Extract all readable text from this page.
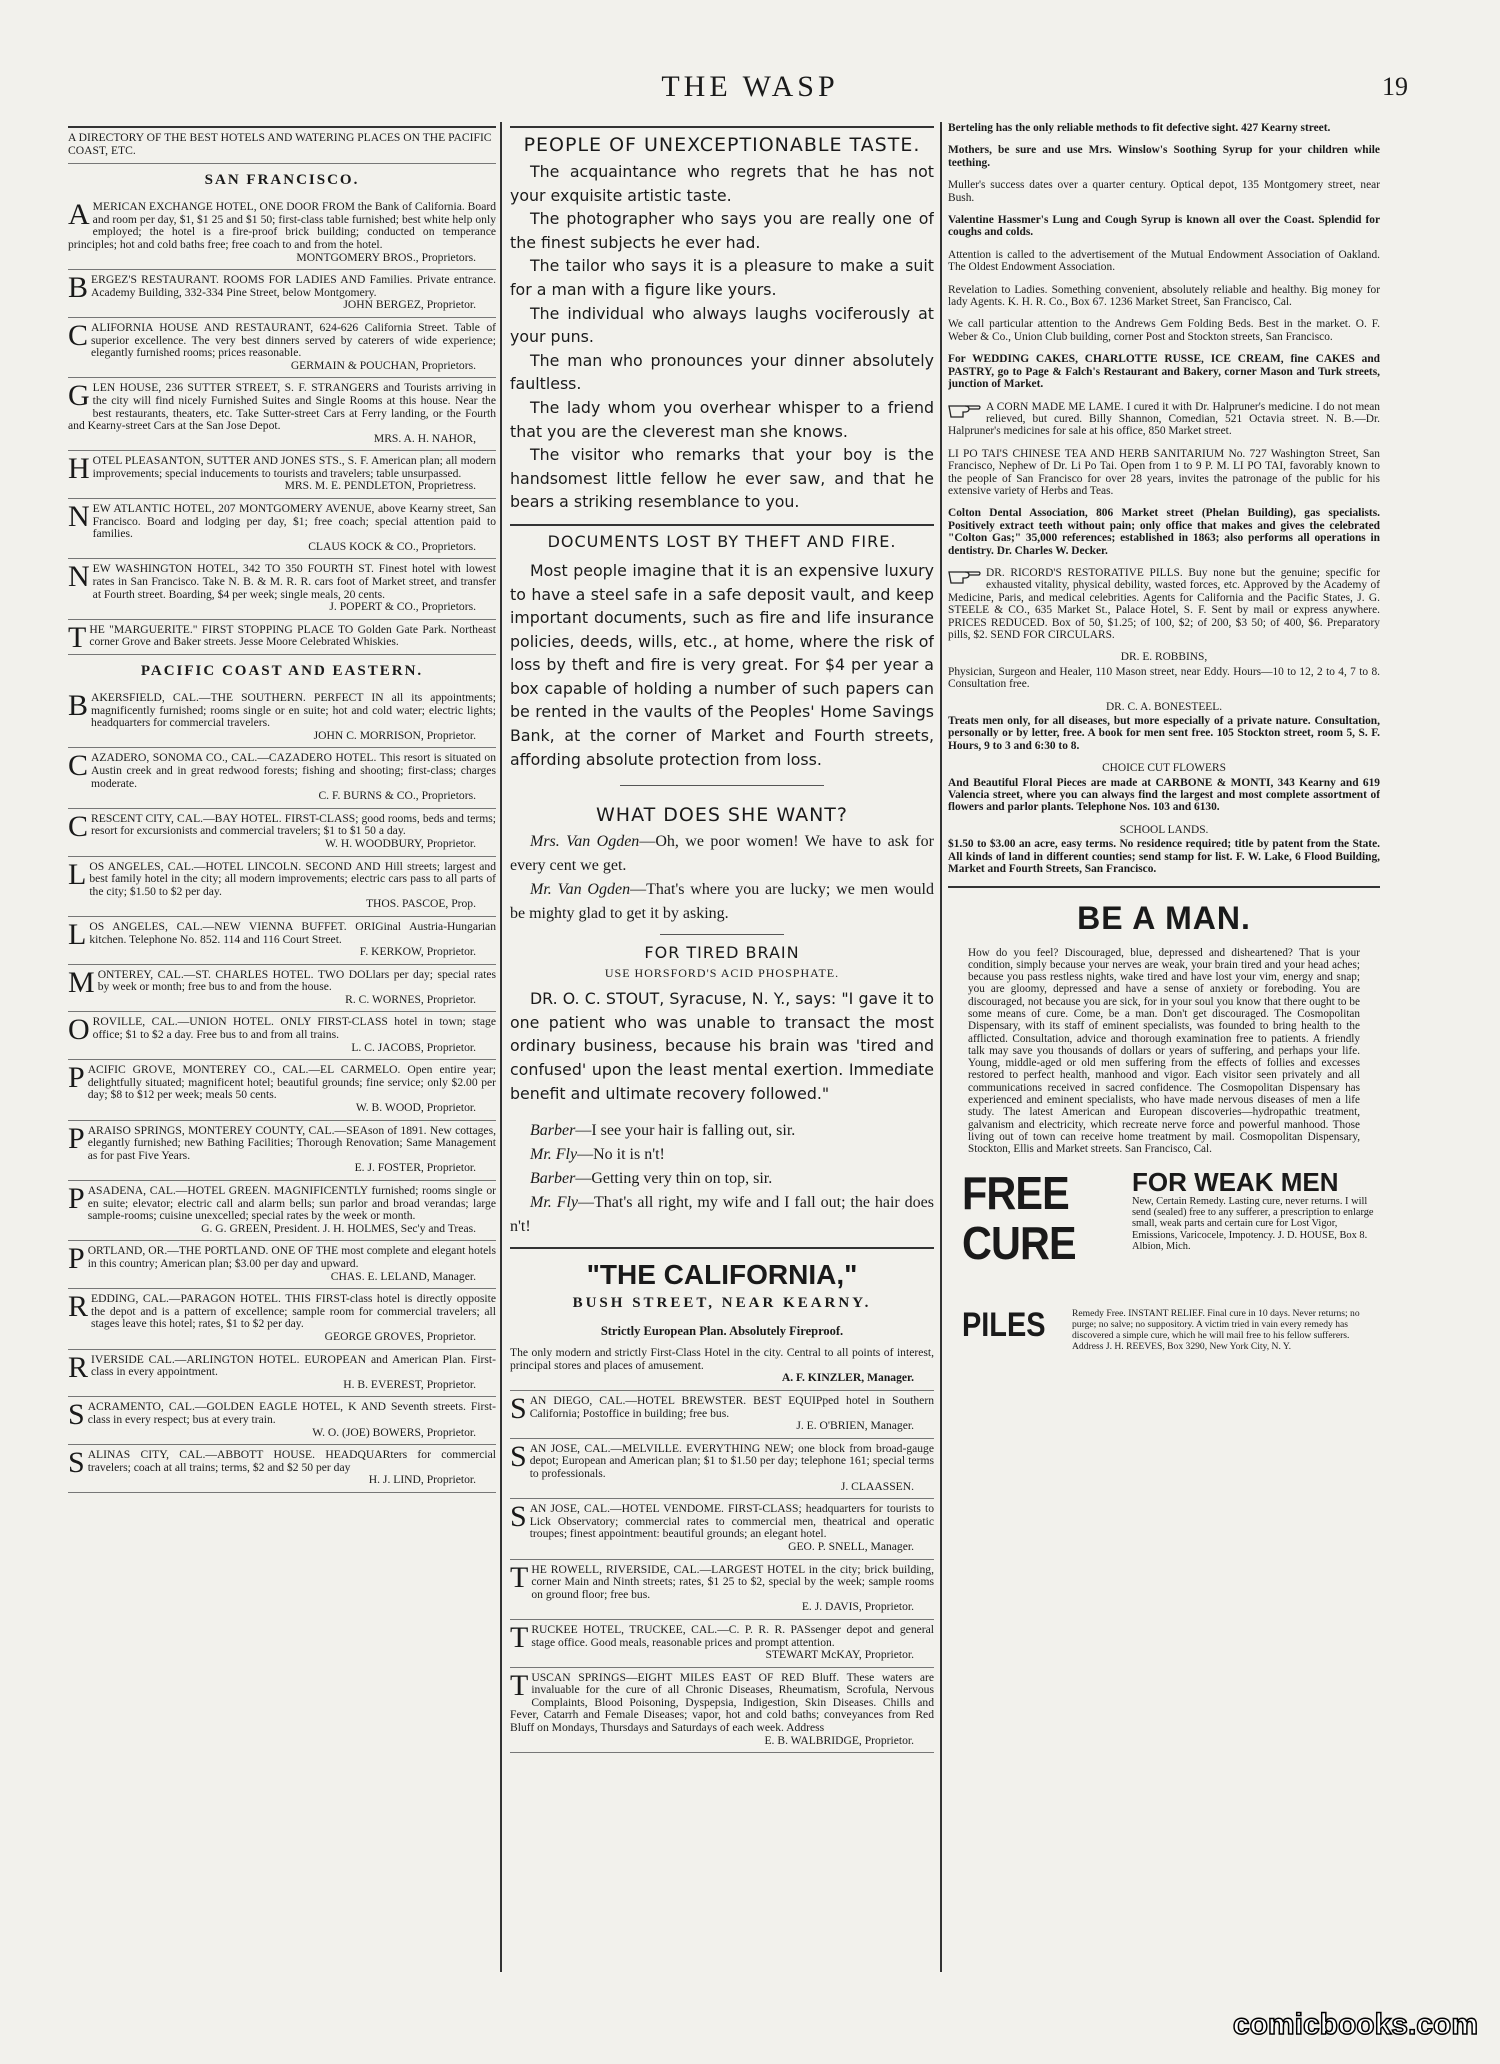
THE WASP	19
A DIRECTORY OF THE BEST HOTELS AND WATERING PLACES ON THE PACIFIC COAST, ETC.
SAN FRANCISCO.
AMERICAN EXCHANGE HOTEL, ONE DOOR FROM the Bank of California. Board and room per day, $1, $1 25 and $1 50; first-class table furnished; best white help only employed; the hotel is a fire-proof brick building; conducted on temperance principles; hot and cold baths free; free coach to and from the hotel.
MONTGOMERY BROS., Proprietors.
BERGEZ'S RESTAURANT. ROOMS FOR LADIES AND Families. Private entrance. Academy Building, 332-334 Pine Street, below Montgomery.
JOHN BERGEZ, Proprietor.
CALIFORNIA HOUSE AND RESTAURANT, 624-626 California Street. Table of superior excellence. The very best dinners served by caterers of wide experience; elegantly furnished rooms; prices reasonable.
GERMAIN & POUCHAN, Proprietors.
GLEN HOUSE, 236 SUTTER STREET, S. F. STRANGERS and Tourists arriving in the city will find nicely Furnished Suites and Single Rooms at this house. Near the best restaurants, theaters, etc. Take Sutter-street Cars at Ferry landing, or the Fourth and Kearny-street Cars at the San Jose Depot.
MRS. A. H. NAHOR,
HOTEL PLEASANTON, SUTTER AND JONES STS., S. F. American plan; all modern improvements; special inducements to tourists and travelers; table unsurpassed.
MRS. M. E. PENDLETON, Proprietress.
NEW ATLANTIC HOTEL, 207 MONTGOMERY AVENUE, above Kearny street, San Francisco. Board and lodging per day, $1; free coach; special attention paid to families.
CLAUS KOCK & CO., Proprietors.
NEW WASHINGTON HOTEL, 342 TO 350 FOURTH ST. Finest hotel with lowest rates in San Francisco. Take N. B. & M. R. R. cars foot of Market street, and transfer at Fourth street. Boarding, $4 per week; single meals, 20 cents.
J. POPERT & CO., Proprietors.
THE "MARGUERITE." FIRST STOPPING PLACE TO Golden Gate Park. Northeast corner Grove and Baker streets. Jesse Moore Celebrated Whiskies.
PACIFIC COAST AND EASTERN.
BAKERSFIELD, CAL.—THE SOUTHERN. PERFECT IN all its appointments; magnificently furnished; rooms single or en suite; hot and cold water; electric lights; headquarters for commercial travelers.
JOHN C. MORRISON, Proprietor.
CAZADERO, SONOMA CO., CAL.—CAZADERO HOTEL. This resort is situated on Austin creek and in great redwood forests; fishing and shooting; first-class; charges moderate.
C. F. BURNS & CO., Proprietors.
CRESCENT CITY, CAL.—BAY HOTEL. FIRST-CLASS; good rooms, beds and terms; resort for excursionists and commercial travelers; $1 to $1 50 a day.
W. H. WOODBURY, Proprietor.
LOS ANGELES, CAL.—HOTEL LINCOLN. SECOND AND Hill streets; largest and best family hotel in the city; all modern improvements; electric cars pass to all parts of the city; $1.50 to $2 per day.
THOS. PASCOE, Prop.
LOS ANGELES, CAL.—NEW VIENNA BUFFET. ORIGinal Austria-Hungarian kitchen. Telephone No. 852. 114 and 116 Court Street.
F. KERKOW, Proprietor.
MONTEREY, CAL.—ST. CHARLES HOTEL. TWO DOLlars per day; special rates by week or month; free bus to and from the house.
R. C. WORNES, Proprietor.
OROVILLE, CAL.—UNION HOTEL. ONLY FIRST-CLASS hotel in town; stage office; $1 to $2 a day. Free bus to and from all trains.
L. C. JACOBS, Proprietor.
PACIFIC GROVE, MONTEREY CO., CAL.—EL CARMELO. Open entire year; delightfully situated; magnificent hotel; beautiful grounds; fine service; only $2.00 per day; $8 to $12 per week; meals 50 cents.
W. B. WOOD, Proprietor.
PARAISO SPRINGS, MONTEREY COUNTY, CAL.—SEAson of 1891. New cottages, elegantly furnished; new Bathing Facilities; Thorough Renovation; Same Management as for past Five Years.
E. J. FOSTER, Proprietor.
PASADENA, CAL.—HOTEL GREEN. MAGNIFICENTLY furnished; rooms single or en suite; elevator; electric call and alarm bells; sun parlor and broad verandas; large sample-rooms; cuisine unexcelled; special rates by the week or month.
G. G. GREEN, President. J. H. HOLMES, Sec'y and Treas.
PORTLAND, OR.—THE PORTLAND. ONE OF THE most complete and elegant hotels in this country; American plan; $3.00 per day and upward.
CHAS. E. LELAND, Manager.
REDDING, CAL.—PARAGON HOTEL. THIS FIRST-class hotel is directly opposite the depot and is a pattern of excellence; sample room for commercial travelers; all stages leave this hotel; rates, $1 to $2 per day.
GEORGE GROVES, Proprietor.
RIVERSIDE CAL.—ARLINGTON HOTEL. EUROPEAN and American Plan. First-class in every appointment.
H. B. EVEREST, Proprietor.
SACRAMENTO, CAL.—GOLDEN EAGLE HOTEL, K AND Seventh streets. First-class in every respect; bus at every train.
W. O. (JOE) BOWERS, Proprietor.
SALINAS CITY, CAL.—ABBOTT HOUSE. HEADQUARters for commercial travelers; coach at all trains; terms, $2 and $2 50 per day
H. J. LIND, Proprietor.
PEOPLE OF UNEXCEPTIONABLE TASTE.

The acquaintance who regrets that he has not your exquisite artistic taste.

The photographer who says you are really one of the finest subjects he ever had.

The tailor who says it is a pleasure to make a suit for a man with a figure like yours.

The individual who always laughs vociferously at your puns.

The man who pronounces your dinner absolutely faultless.

The lady whom you overhear whisper to a friend that you are the cleverest man she knows.

The visitor who remarks that your boy is the handsomest little fellow he ever saw, and that he bears a striking resemblance to you.

DOCUMENTS LOST BY THEFT AND FIRE.

Most people imagine that it is an expensive luxury to have a steel safe in a safe deposit vault, and keep important documents, such as fire and life insurance policies, deeds, wills, etc., at home, where the risk of loss by theft and fire is very great. For $4 per year a box capable of holding a number of such papers can be rented in the vaults of the Peoples' Home Savings Bank, at the corner of Market and Fourth streets, affording absolute protection from loss.

WHAT DOES SHE WANT?

Mrs. Van Ogden—Oh, we poor women! We have to ask for every cent we get.

Mr. Van Ogden—That's where you are lucky; we men would be mighty glad to get it by asking.

FOR TIRED BRAIN
USE HORSFORD'S ACID PHOSPHATE.

DR. O. C. STOUT, Syracuse, N. Y., says: "I gave it to one patient who was unable to transact the most ordinary business, because his brain was 'tired and confused' upon the least mental exertion. Immediate benefit and ultimate recovery followed."

Barber—I see your hair is falling out, sir.

Mr. Fly—No it is n't!

Barber—Getting very thin on top, sir.

Mr. Fly—That's all right, my wife and I fall out; the hair does n't!

"THE CALIFORNIA,"
BUSH STREET, NEAR KEARNY.
Strictly European Plan. Absolutely Fireproof.
The only modern and strictly First-Class Hotel in the city. Central to all points of interest, principal stores and places of amusement.
A. F. KINZLER, Manager.
SAN DIEGO, CAL.—HOTEL BREWSTER. BEST EQUIPped hotel in Southern California; Postoffice in building; free bus.
J. E. O'BRIEN, Manager.
SAN JOSE, CAL.—MELVILLE. EVERYTHING NEW; one block from broad-gauge depot; European and American plan; $1 to $1.50 per day; telephone 161; special terms to professionals.
J. CLAASSEN.
SAN JOSE, CAL.—HOTEL VENDOME. FIRST-CLASS; headquarters for tourists to Lick Observatory; commercial rates to commercial men, theatrical and operatic troupes; finest appointment: beautiful grounds; an elegant hotel.
GEO. P. SNELL, Manager.
THE ROWELL, RIVERSIDE, CAL.—LARGEST HOTEL in the city; brick building, corner Main and Ninth streets; rates, $1 25 to $2, special by the week; sample rooms on ground floor; free bus.
E. J. DAVIS, Proprietor.
TRUCKEE HOTEL, TRUCKEE, CAL.—C. P. R. R. PASsenger depot and general stage office. Good meals, reasonable prices and prompt attention.
STEWART McKAY, Proprietor.
TUSCAN SPRINGS—EIGHT MILES EAST OF RED Bluff. These waters are invaluable for the cure of all Chronic Diseases, Rheumatism, Scrofula, Nervous Complaints, Blood Poisoning, Dyspepsia, Indigestion, Skin Diseases. Chills and Fever, Catarrh and Female Diseases; vapor, hot and cold baths; conveyances from Red Bluff on Mondays, Thursdays and Saturdays of each week. Address
E. B. WALBRIDGE, Proprietor.
Berteling has the only reliable methods to fit defective sight. 427 Kearny street.
Mothers, be sure and use Mrs. Winslow's Soothing Syrup for your children while teething.
Muller's success dates over a quarter century. Optical depot, 135 Montgomery street, near Bush.
Valentine Hassmer's Lung and Cough Syrup is known all over the Coast. Splendid for coughs and colds.
Attention is called to the advertisement of the Mutual Endowment Association of Oakland. The Oldest Endowment Association.
Revelation to Ladies. Something convenient, absolutely reliable and healthy. Big money for lady Agents. K. H. R. Co., Box 67. 1236 Market Street, San Francisco, Cal.
We call particular attention to the Andrews Gem Folding Beds. Best in the market. O. F. Weber & Co., Union Club building, corner Post and Stockton streets, San Francisco.
For WEDDING CAKES, CHARLOTTE RUSSE, ICE CREAM, fine CAKES and PASTRY, go to Page & Falch's Restaurant and Bakery, corner Mason and Turk streets, junction of Market.
A CORN MADE ME LAME. I cured it with Dr. Halpruner's medicine. I do not mean relieved, but cured. Billy Shannon, Comedian, 521 Octavia street. N. B.—Dr. Halpruner's medicines for sale at his office, 850 Market street.
LI PO TAI'S CHINESE TEA AND HERB SANITARIUM No. 727 Washington Street, San Francisco, Nephew of Dr. Li Po Tai. Open from 1 to 9 P. M. LI PO TAI, favorably known to the people of San Francisco for over 28 years, invites the patronage of the public for his extensive variety of Herbs and Teas.
Colton Dental Association, 806 Market street (Phelan Building), gas specialists. Positively extract teeth without pain; only office that makes and gives the celebrated "Colton Gas;" 35,000 references; established in 1863; also performs all operations in dentistry. Dr. Charles W. Decker.
DR. RICORD'S RESTORATIVE PILLS. Buy none but the genuine; specific for exhausted vitality, physical debility, wasted forces, etc. Approved by the Academy of Medicine, Paris, and medical celebrities. Agents for California and the Pacific States, J. G. STEELE & CO., 635 Market St., Palace Hotel, S. F. Sent by mail or express anywhere. PRICES REDUCED. Box of 50, $1.25; of 100, $2; of 200, $3 50; of 400, $6. Preparatory pills, $2. SEND FOR CIRCULARS.
DR. E. ROBBINS,
Physician, Surgeon and Healer, 110 Mason street, near Eddy. Hours—10 to 12, 2 to 4, 7 to 8. Consultation free.
DR. C. A. BONESTEEL.
Treats men only, for all diseases, but more especially of a private nature. Consultation, personally or by letter, free. A book for men sent free. 105 Stockton street, room 5, S. F. Hours, 9 to 3 and 6:30 to 8.
CHOICE CUT FLOWERS
And Beautiful Floral Pieces are made at CARBONE & MONTI, 343 Kearny and 619 Valencia street, where you can always find the largest and most complete assortment of flowers and parlor plants. Telephone Nos. 103 and 6130.
SCHOOL LANDS.
$1.50 to $3.00 an acre, easy terms. No residence required; title by patent from the State. All kinds of land in different counties; send stamp for list. F. W. Lake, 6 Flood Building, Market and Fourth Streets, San Francisco.
BE A MAN.
How do you feel? Discouraged, blue, depressed and disheartened? That is your condition, simply because your nerves are weak, your brain tired and your head aches; because you pass restless nights, wake tired and have lost your vim, energy and snap; you are gloomy, depressed and have a sense of anxiety or foreboding. You are discouraged, not because you are sick, for in your soul you know that there ought to be some means of cure. Come, be a man. Don't get discouraged. The Cosmopolitan Dispensary, with its staff of eminent specialists, was founded to bring health to the afflicted. Consultation, advice and thorough examination free to patients. A friendly talk may save you thousands of dollars or years of suffering, and perhaps your life. Young, middle-aged or old men suffering from the effects of follies and excesses restored to perfect health, manhood and vigor. Each visitor seen privately and all communications received in sacred confidence. The Cosmopolitan Dispensary has experienced and eminent specialists, who have made nervous diseases of men a life study. The latest American and European discoveries—hydropathic treatment, galvanism and electricity, which recreate nerve force and powerful manhood. Those living out of town can receive home treatment by mail. Cosmopolitan Dispensary, Stockton, Ellis and Market streets. San Francisco, Cal.
FREE CURE
FOR WEAK MEN
New, Certain Remedy. Lasting cure, never returns. I will send (sealed) free to any sufferer, a prescription to enlarge small, weak parts and certain cure for Lost Vigor, Emissions, Varicocele, Impotency. J. D. HOUSE, Box 8. Albion, Mich.
PILES	Remedy Free. INSTANT RELIEF. Final cure in 10 days. Never returns; no purge; no salve; no suppository. A victim tried in vain every remedy has discovered a simple cure, which he will mail free to his fellow sufferers. Address J. H. REEVES, Box 3290, New York City, N. Y.
comicbooks.com
